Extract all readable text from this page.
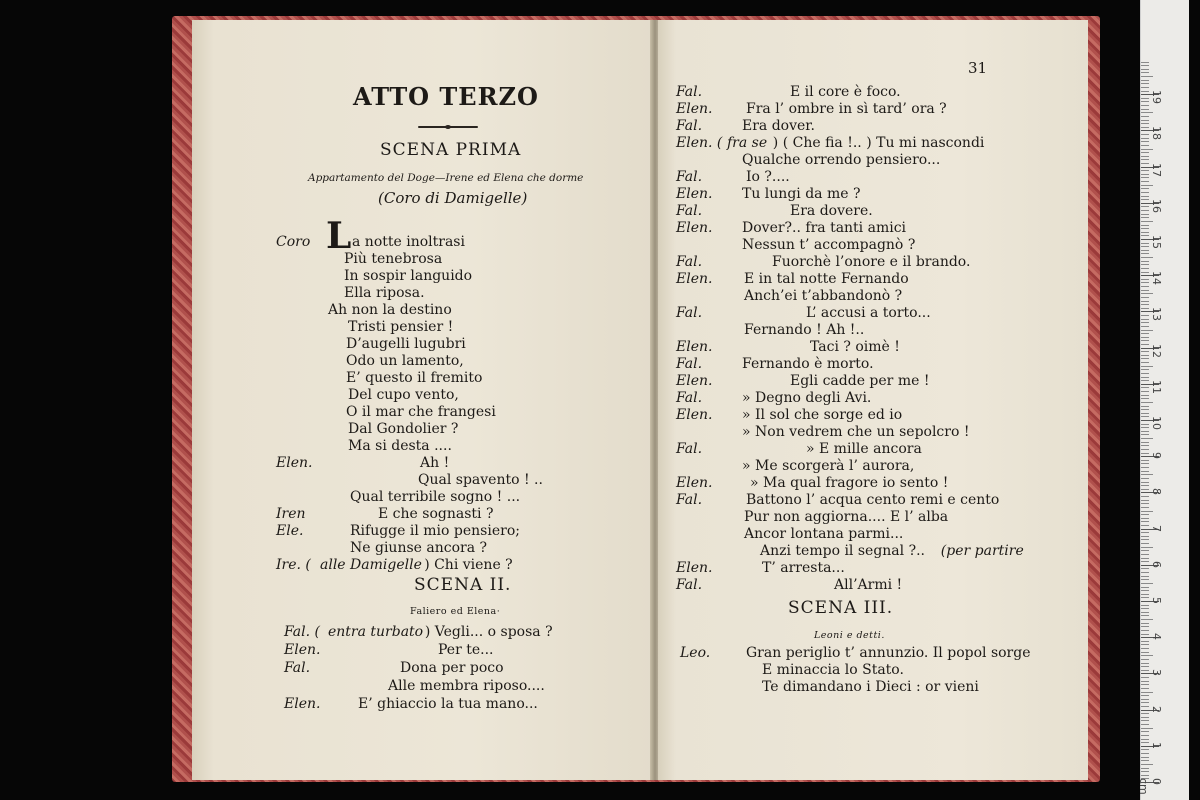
ATTO TERZO
SCENA PRIMA
Appartamento del Doge—Irene ed Elena che dorme
(Coro di Damigelle)
L
Coro	a notte inoltrasi
Più tenebrosa
In sospir languido
Ella riposa.
Ah non la destino
Tristi pensier !
D’augelli lugubri
Odo un lamento,
E’ questo il fremito
Del cupo vento,
O il mar che frangesi
Dal Gondolier ?
Ma si desta ....
Elen.	Ah !
Qual spavento ! ..
Qual terribile sogno ! ...
Iren	E che sognasti ?
Ele.	Rifugge il mio pensiero;
Ne giunse ancora ?
Ire. ( alle Damigelle ) Chi viene ?
SCENA II.
Faliero ed Elena·
Fal. ( entra turbato ) Vegli... o sposa ?
Elen.	Per te...
Fal.	Dona per poco
Alle membra riposo....
Elen.	E’ ghiaccio la tua mano...
31
Fal.	E il core è foco.
Elen. Fra l’ ombre in sì tard’ ora ?
Fal.	Era dover.
Elen. ( fra se ) ( Che fia !.. ) Tu mi nascondi
Qualche orrendo pensiero...
Fal.	Io ?....
Elen. Tu lungi da me ?
Fal.	Era dovere.
Elen. Dover?.. fra tanti amici
Nessun t’ accompagnò ?
Fal.	Fuorchè l’onore e il brando.
Elen. E in tal notte Fernando
Anch’ei t’abbandonò ?
Fal.	L’ accusi a torto...
Fernando ! Ah !..
Elen.	Taci ? oimè !
Fal.	Fernando è morto.
Elen.	Egli cadde per me !
Fal.	» Degno degli Avi.
Elen. » Il sol che sorge ed io
» Non vedrem che un sepolcro !
Fal.	» E mille ancora
» Me scorgerà l’ aurora,
Elen.	» Ma qual fragore io sento !
Fal.	Battono l’ acqua cento remi e cento
Pur non aggiorna.... E l’ alba
Ancor lontana parmi...
Anzi tempo il segnal ?.. (per partire
Elen.	T’ arresta...
Fal.	All’Armi !
SCENA III.
Leoni e detti.
Leo.	Gran periglio t’ annunzio. Il popol sorge
E minaccia lo Stato.
Te dimandano i Dieci : or vieni
0 cm
1
2
3
4
5
6
7
8
9
10
11
12
13
14
15
16
17
18
19
